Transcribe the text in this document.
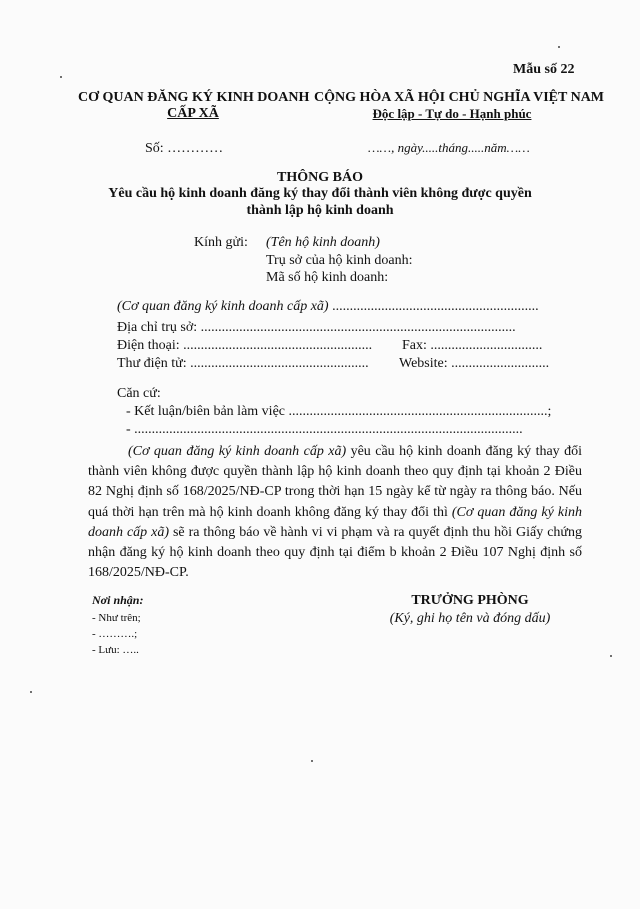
Mẫu số 22
CƠ QUAN ĐĂNG KÝ KINH DOANH
CẤP XÃ
CỘNG HÒA XÃ HỘI CHỦ NGHĨA VIỆT NAM
Độc lập - Tự do - Hạnh phúc
Số: …………	……, ngày.....tháng.....năm……
THÔNG BÁO
Yêu cầu hộ kinh doanh đăng ký thay đổi thành viên không được quyền
thành lập hộ kinh doanh
Kính gửi: (Tên hộ kinh doanh)
Trụ sở của hộ kinh doanh:
Mã số hộ kinh doanh:
(Cơ quan đăng ký kinh doanh cấp xã) ...........................................................
Địa chỉ trụ sở: ..........................................................................................
Điện thoại: ...................................................... Fax: ................................
Thư điện tử: ................................................... Website: ............................
Căn cứ:
- Kết luận/biên bản làm việc ..........................................................................;
- ...............................................................................................................
(Cơ quan đăng ký kinh doanh cấp xã) yêu cầu hộ kinh doanh đăng ký thay đổi thành viên không được quyền thành lập hộ kinh doanh theo quy định tại khoản 2 Điều 82 Nghị định số 168/2025/NĐ-CP trong thời hạn 15 ngày kể từ ngày ra thông báo. Nếu quá thời hạn trên mà hộ kinh doanh không đăng ký thay đổi thì (Cơ quan đăng ký kinh doanh cấp xã) sẽ ra thông báo về hành vi vi phạm và ra quyết định thu hồi Giấy chứng nhận đăng ký hộ kinh doanh theo quy định tại điểm b khoản 2 Điều 107 Nghị định số 168/2025/NĐ-CP.
Nơi nhận:
- Như trên;
- ……….;
- Lưu: …..
TRƯỞNG PHÒNG
(Ký, ghi họ tên và đóng dấu)
